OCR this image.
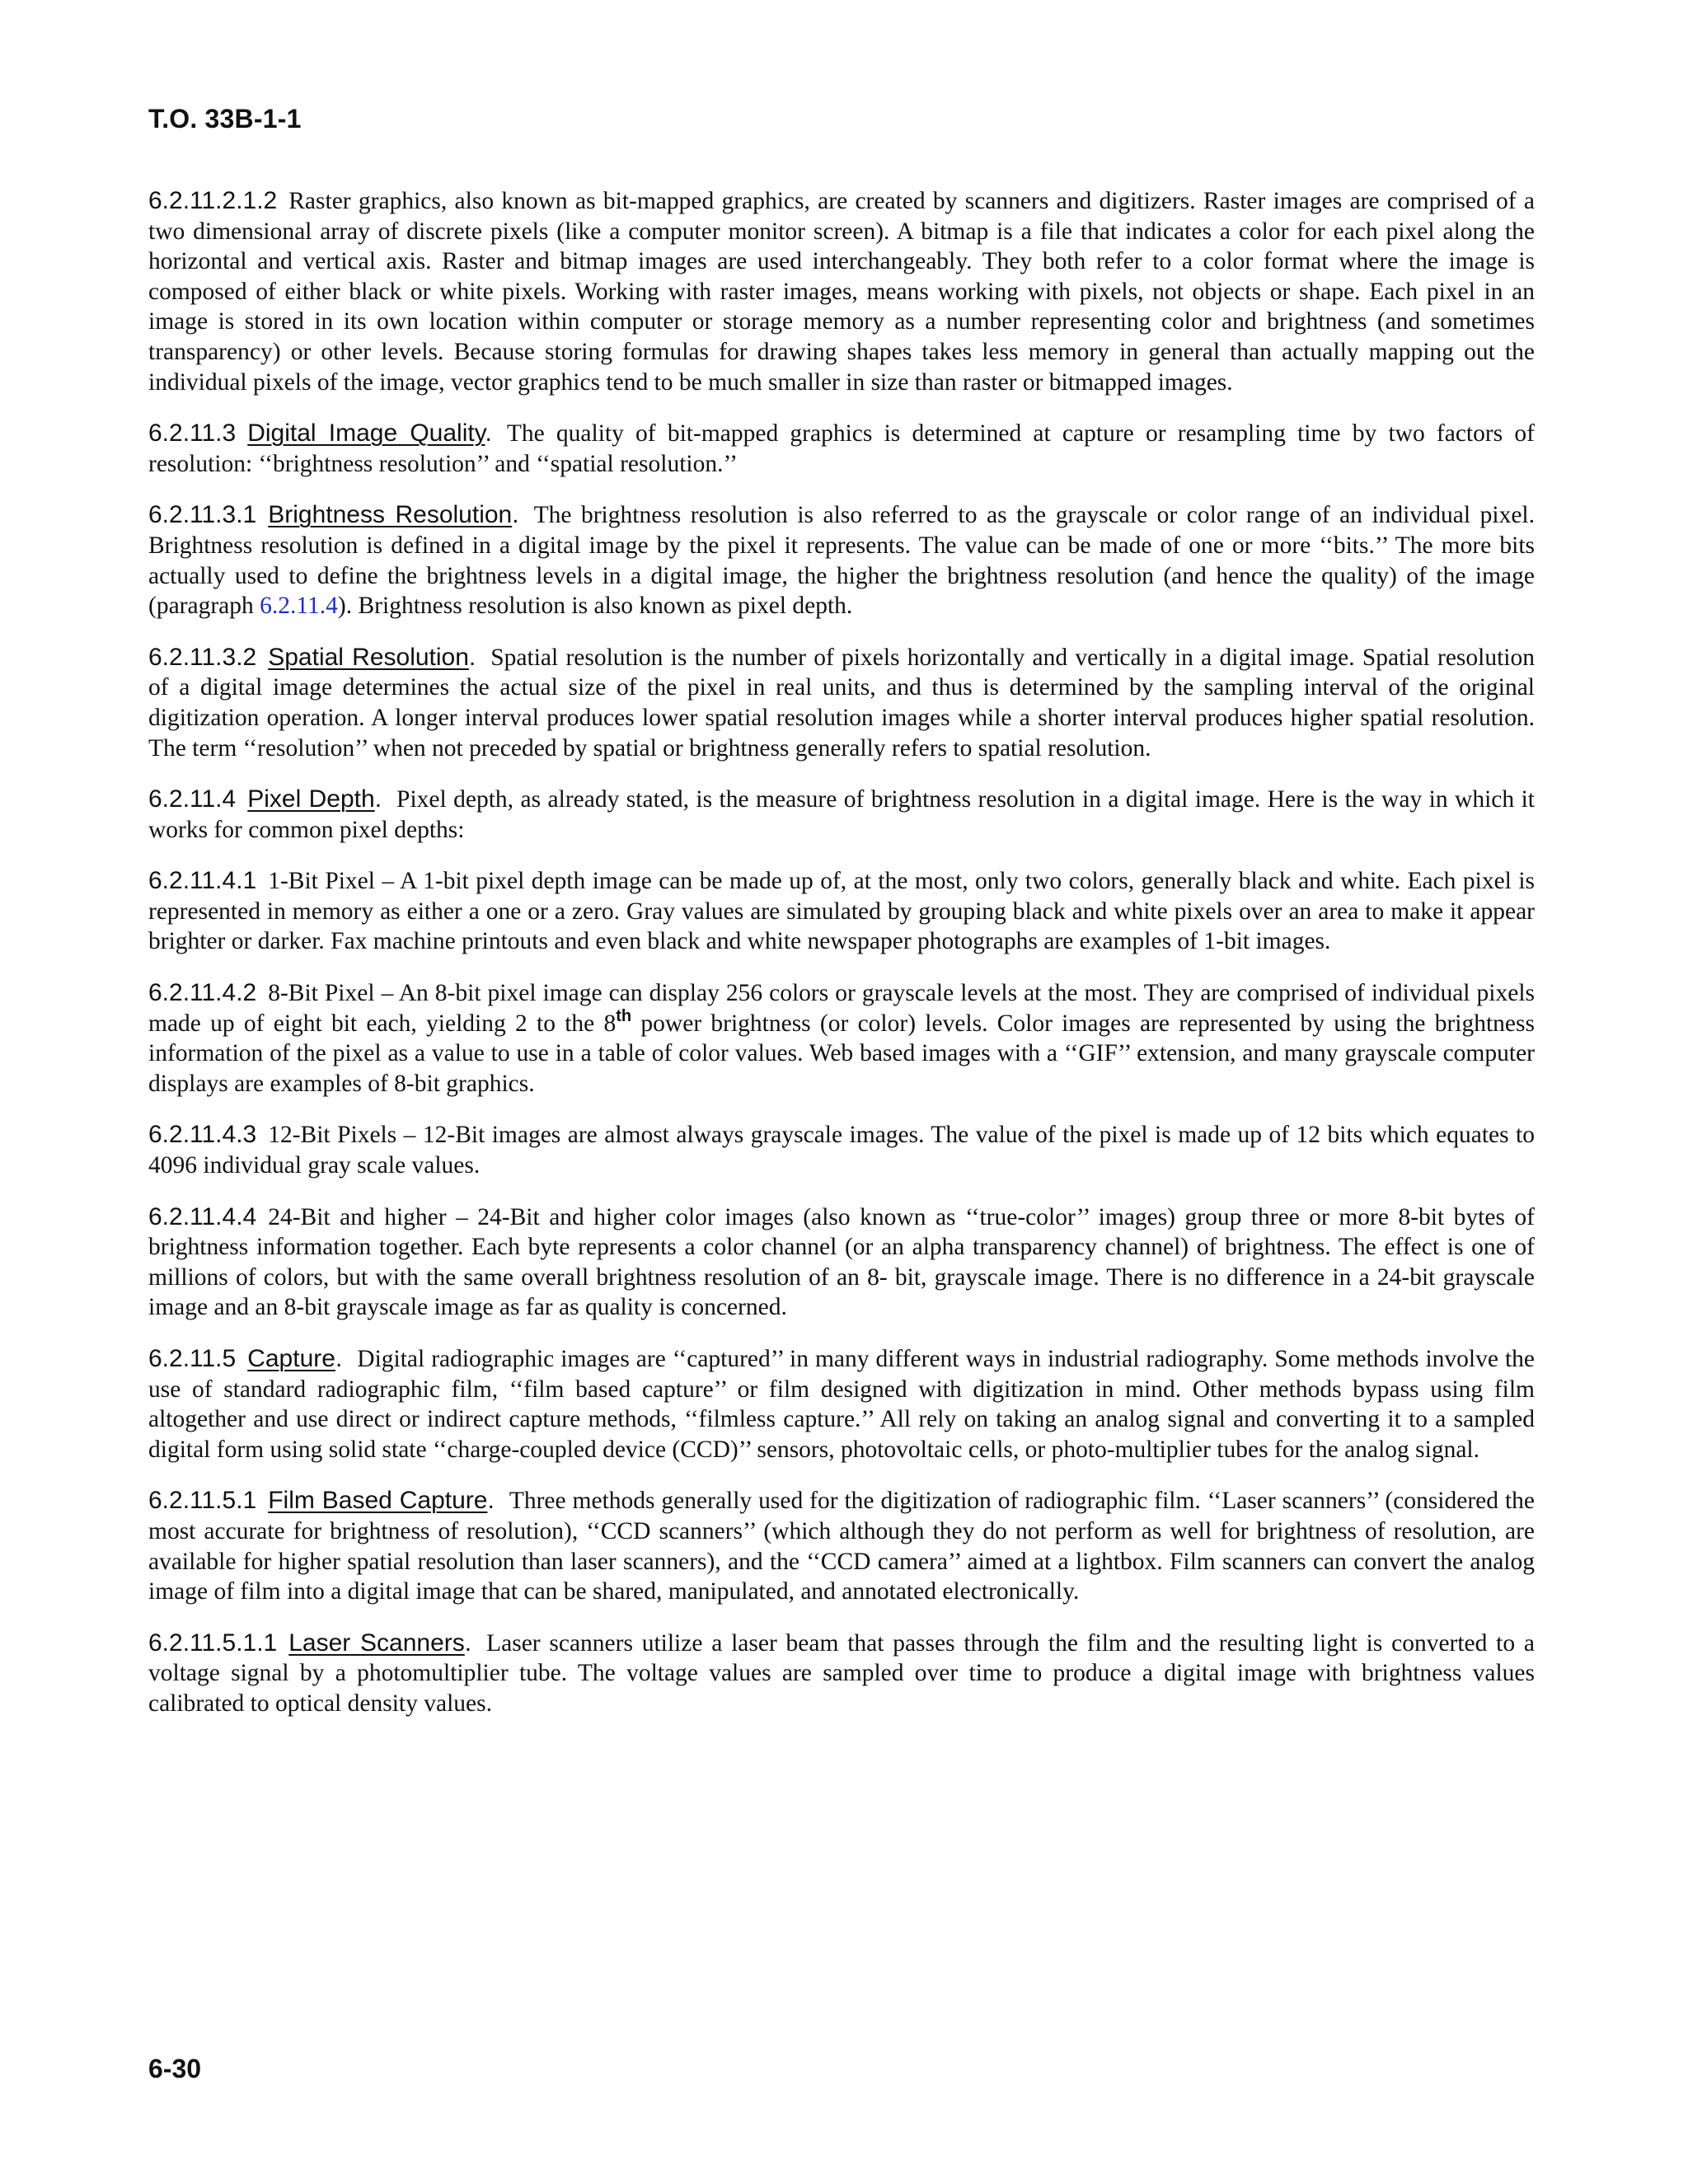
T.O. 33B-1-1

6.2.11.2.1.2 Raster graphics, also known as bit-mapped graphics, are created by scanners and digitizers. Raster images are comprised of a two dimensional array of discrete pixels (like a computer monitor screen). A bitmap is a file that indicates a color for each pixel along the horizontal and vertical axis. Raster and bitmap images are used interchangeably. They both refer to a color format where the image is composed of either black or white pixels. Working with raster images, means working with pixels, not objects or shape. Each pixel in an image is stored in its own location within computer or storage memory as a number representing color and brightness (and sometimes transparency) or other levels. Because storing formulas for drawing shapes takes less memory in general than actually mapping out the individual pixels of the image, vector graphics tend to be much smaller in size than raster or bitmapped images.

6.2.11.3 Digital Image Quality. The quality of bit-mapped graphics is determined at capture or resampling time by two factors of resolution: ‘‘brightness resolution’’ and ‘‘spatial resolution.’’

6.2.11.3.1 Brightness Resolution. The brightness resolution is also referred to as the grayscale or color range of an individual pixel. Brightness resolution is defined in a digital image by the pixel it represents. The value can be made of one or more ‘‘bits.’’ The more bits actually used to define the brightness levels in a digital image, the higher the brightness resolution (and hence the quality) of the image (paragraph 6.2.11.4). Brightness resolution is also known as pixel depth.

6.2.11.3.2 Spatial Resolution. Spatial resolution is the number of pixels horizontally and vertically in a digital image. Spatial resolution of a digital image determines the actual size of the pixel in real units, and thus is determined by the sampling interval of the original digitization operation. A longer interval produces lower spatial resolution images while a shorter interval produces higher spatial resolution. The term ‘‘resolution’’ when not preceded by spatial or brightness generally refers to spatial resolution.

6.2.11.4 Pixel Depth. Pixel depth, as already stated, is the measure of brightness resolution in a digital image. Here is the way in which it works for common pixel depths:

6.2.11.4.1 1-Bit Pixel – A 1-bit pixel depth image can be made up of, at the most, only two colors, generally black and white. Each pixel is represented in memory as either a one or a zero. Gray values are simulated by grouping black and white pixels over an area to make it appear brighter or darker. Fax machine printouts and even black and white newspaper photographs are examples of 1-bit images.

6.2.11.4.2 8-Bit Pixel – An 8-bit pixel image can display 256 colors or grayscale levels at the most. They are comprised of individual pixels made up of eight bit each, yielding 2 to the 8th power brightness (or color) levels. Color images are represented by using the brightness information of the pixel as a value to use in a table of color values. Web based images with a ‘‘GIF’’ extension, and many grayscale computer displays are examples of 8-bit graphics.

6.2.11.4.3 12-Bit Pixels – 12-Bit images are almost always grayscale images. The value of the pixel is made up of 12 bits which equates to 4096 individual gray scale values.

6.2.11.4.4 24-Bit and higher – 24-Bit and higher color images (also known as ‘‘true-color’’ images) group three or more 8-bit bytes of brightness information together. Each byte represents a color channel (or an alpha transparency channel) of brightness. The effect is one of millions of colors, but with the same overall brightness resolution of an 8- bit, grayscale image. There is no difference in a 24-bit grayscale image and an 8-bit grayscale image as far as quality is concerned.

6.2.11.5 Capture. Digital radiographic images are ‘‘captured’’ in many different ways in industrial radiography. Some methods involve the use of standard radiographic film, ‘‘film based capture’’ or film designed with digitization in mind. Other methods bypass using film altogether and use direct or indirect capture methods, ‘‘filmless capture.’’ All rely on taking an analog signal and converting it to a sampled digital form using solid state ‘‘charge-coupled device (CCD)’’ sensors, photovoltaic cells, or photo-multiplier tubes for the analog signal.

6.2.11.5.1 Film Based Capture. Three methods generally used for the digitization of radiographic film. ‘‘Laser scanners’’ (considered the most accurate for brightness of resolution), ‘‘CCD scanners’’ (which although they do not perform as well for brightness of resolution, are available for higher spatial resolution than laser scanners), and the ‘‘CCD camera’’ aimed at a lightbox. Film scanners can convert the analog image of film into a digital image that can be shared, manipulated, and annotated electronically.

6.2.11.5.1.1 Laser Scanners. Laser scanners utilize a laser beam that passes through the film and the resulting light is converted to a voltage signal by a photomultiplier tube. The voltage values are sampled over time to produce a digital image with brightness values calibrated to optical density values.

6-30
